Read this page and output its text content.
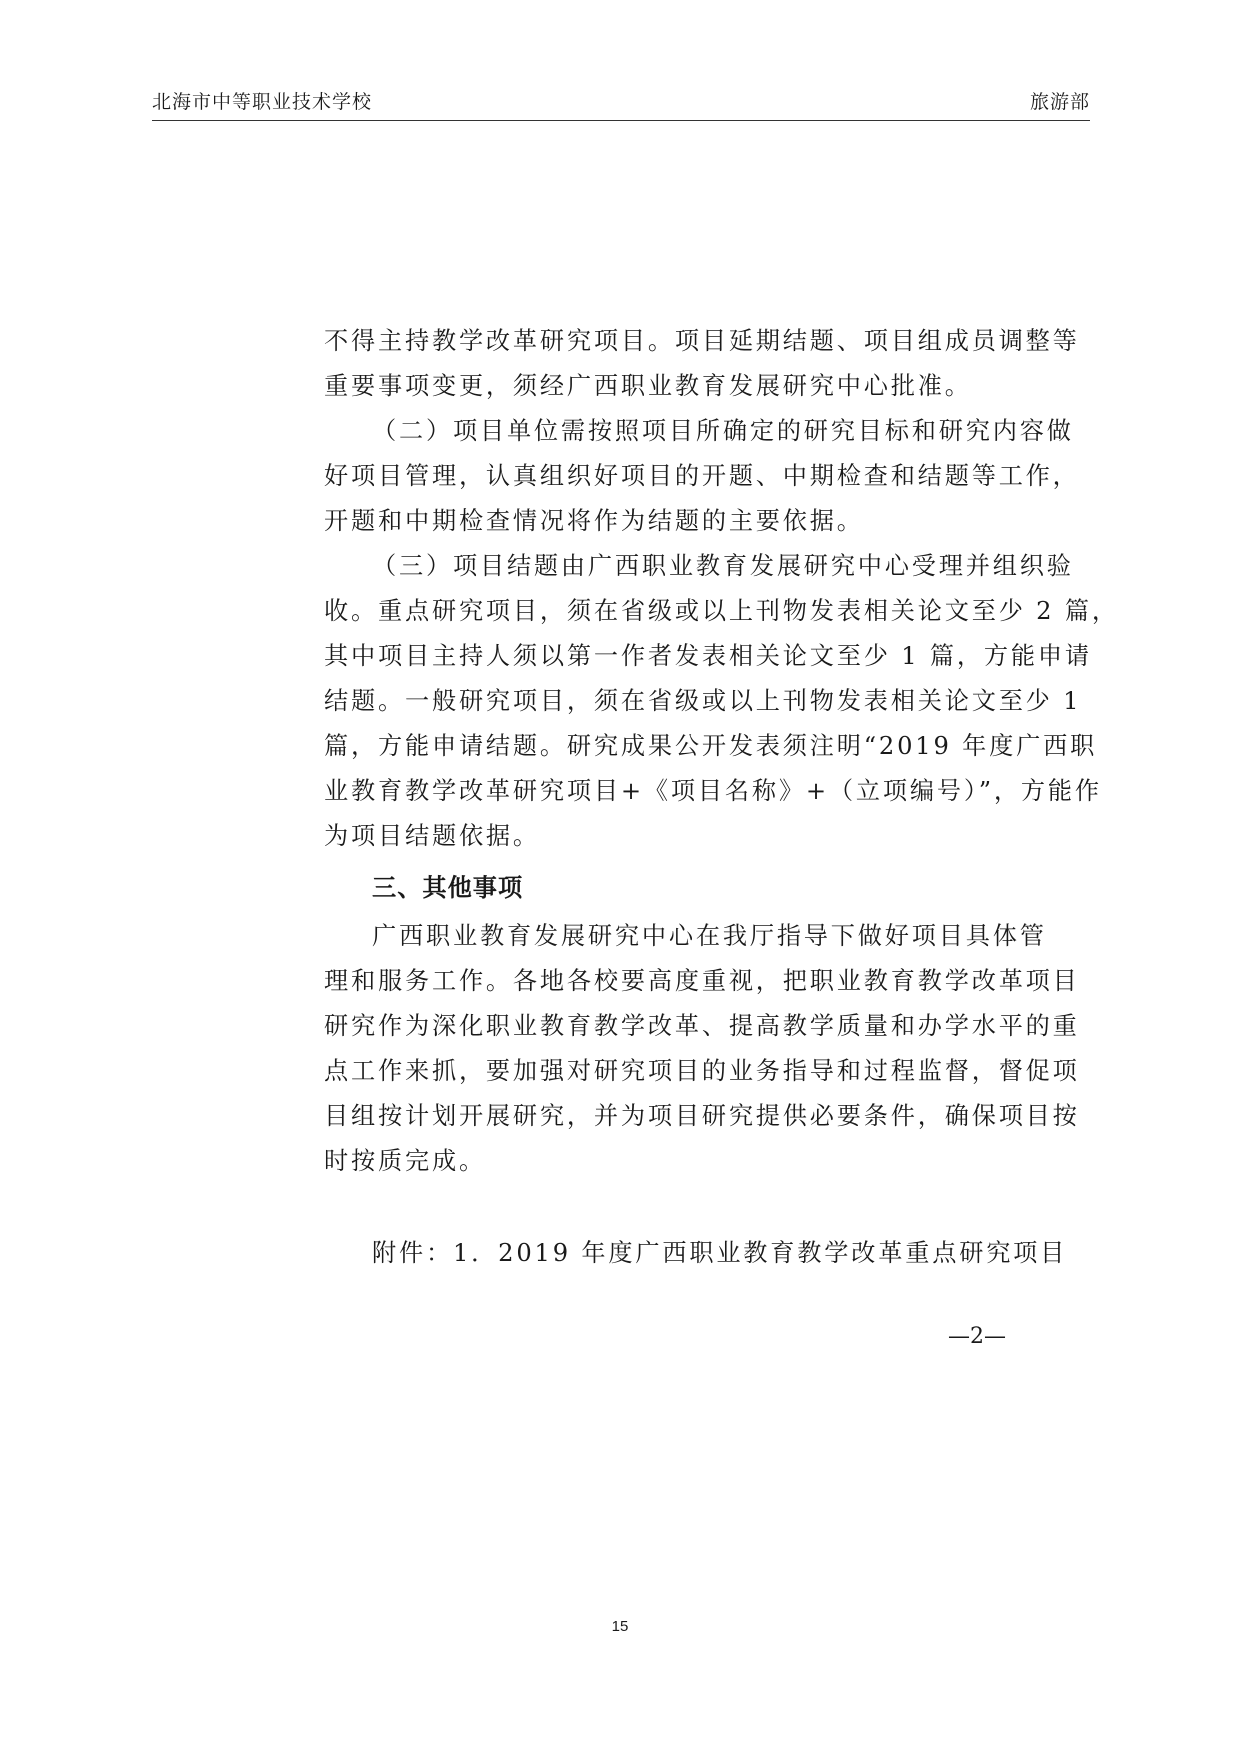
北海市中等职业技术学校	旅游部
不得主持教学改革研究项目。项目延期结题、项目组成员调整等
重要事项变更，须经广西职业教育发展研究中心批准。
（二）项目单位需按照项目所确定的研究目标和研究内容做
好项目管理，认真组织好项目的开题、中期检查和结题等工作，
开题和中期检查情况将作为结题的主要依据。
（三）项目结题由广西职业教育发展研究中心受理并组织验
收。重点研究项目，须在省级或以上刊物发表相关论文至少 2 篇，
其中项目主持人须以第一作者发表相关论文至少 1 篇，方能申请
结题。一般研究项目，须在省级或以上刊物发表相关论文至少 1
篇，方能申请结题。研究成果公开发表须注明“2019 年度广西职
业教育教学改革研究项目+《项目名称》+（立项编号）”，方能作
为项目结题依据。
三、其他事项
广西职业教育发展研究中心在我厅指导下做好项目具体管
理和服务工作。各地各校要高度重视，把职业教育教学改革项目
研究作为深化职业教育教学改革、提高教学质量和办学水平的重
点工作来抓，要加强对研究项目的业务指导和过程监督，督促项
目组按计划开展研究，并为项目研究提供必要条件，确保项目按
时按质完成。
附件：1．2019 年度广西职业教育教学改革重点研究项目
—2—
15
